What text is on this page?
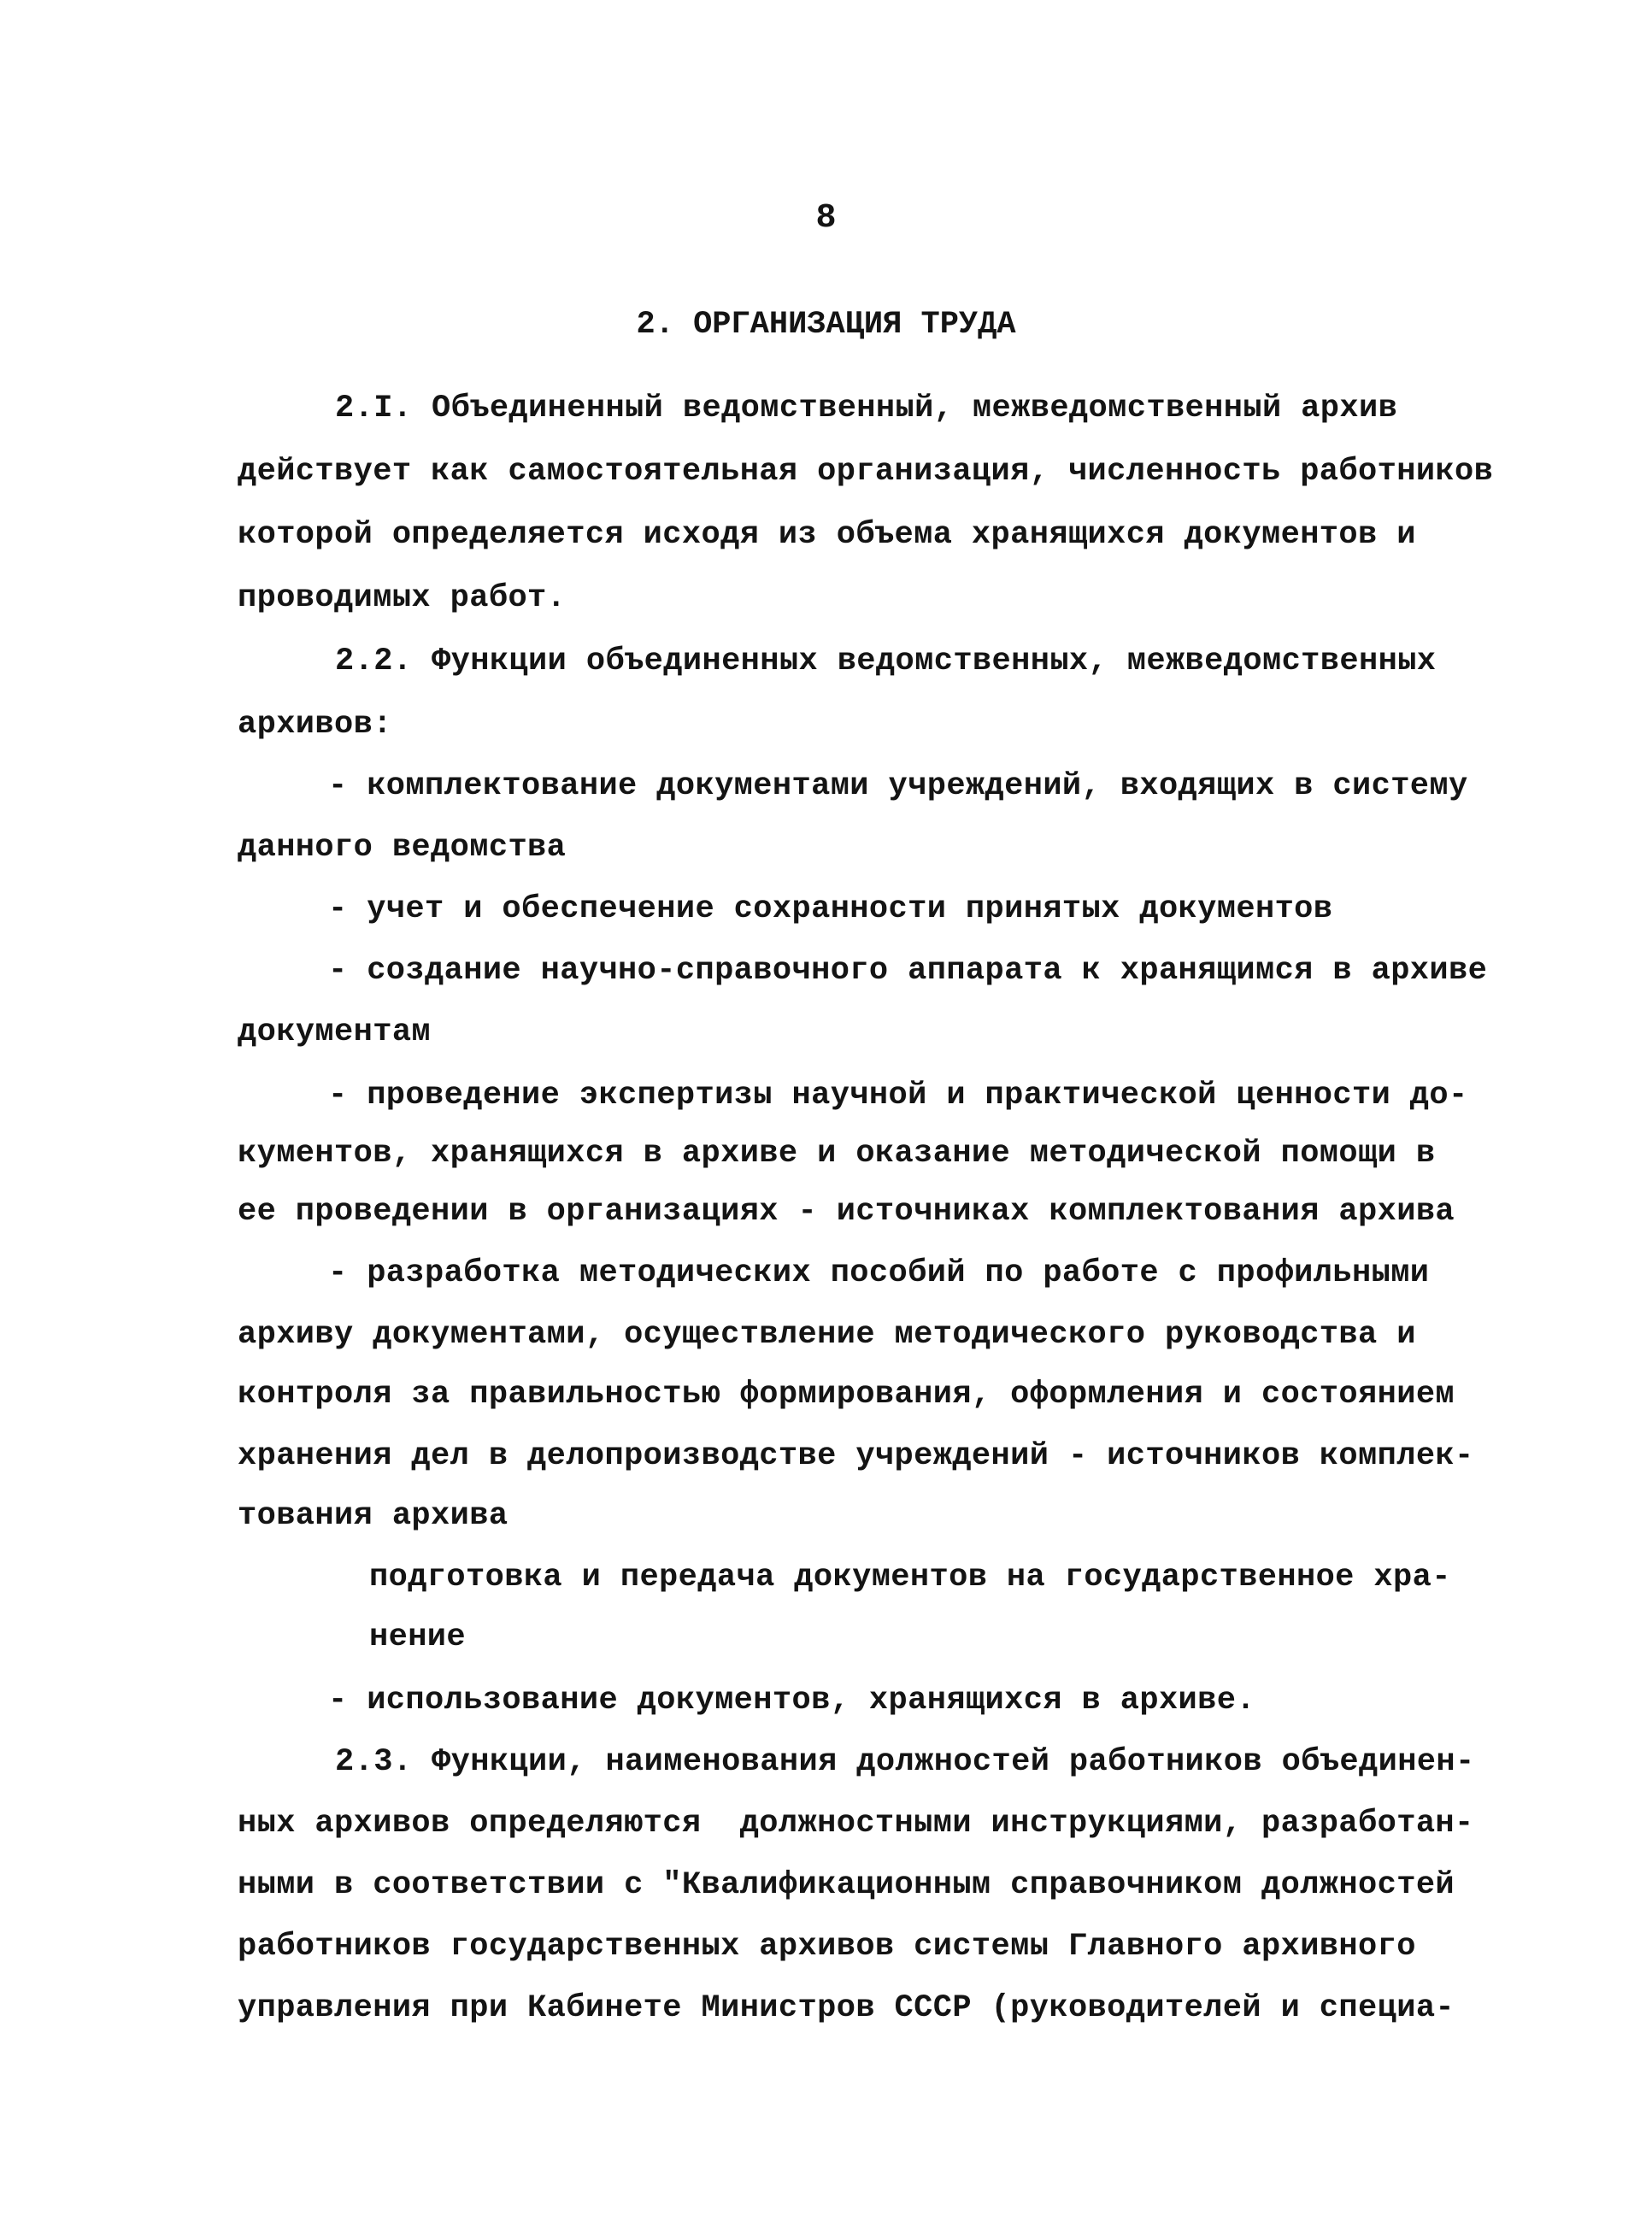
8
2. ОРГАНИЗАЦИЯ ТРУДА
2.I. Объединенный ведомственный, межведомственный архив
действует как самостоятельная организация, численность работников
которой определяется исходя из объема хранящихся документов и
проводимых работ.
2.2. Функции объединенных ведомственных, межведомственных
архивов:
- комплектование документами учреждений, входящих в систему
данного ведомства
- учет и обеспечение сохранности принятых документов
- создание научно-справочного аппарата к хранящимся в архиве
документам
- проведение экспертизы научной и практической ценности до-
кументов, хранящихся в архиве и оказание методической помощи в
ее проведении в организациях - источниках комплектования архива
- разработка методических пособий по работе с профильными
архиву документами, осуществление методического руководства и
контроля за правильностью формирования, оформления и состоянием
хранения дел в делопроизводстве учреждений - источников комплек-
тования архива
подготовка и передача документов на государственное хра-
нение
- использование документов, хранящихся в архиве.
2.3. Функции, наименования должностей работников объединен-
ных архивов определяются  должностными инструкциями, разработан-
ными в соответствии с "Квалификационным справочником должностей
работников государственных архивов системы Главного архивного
управления при Кабинете Министров СССР (руководителей и специа-
